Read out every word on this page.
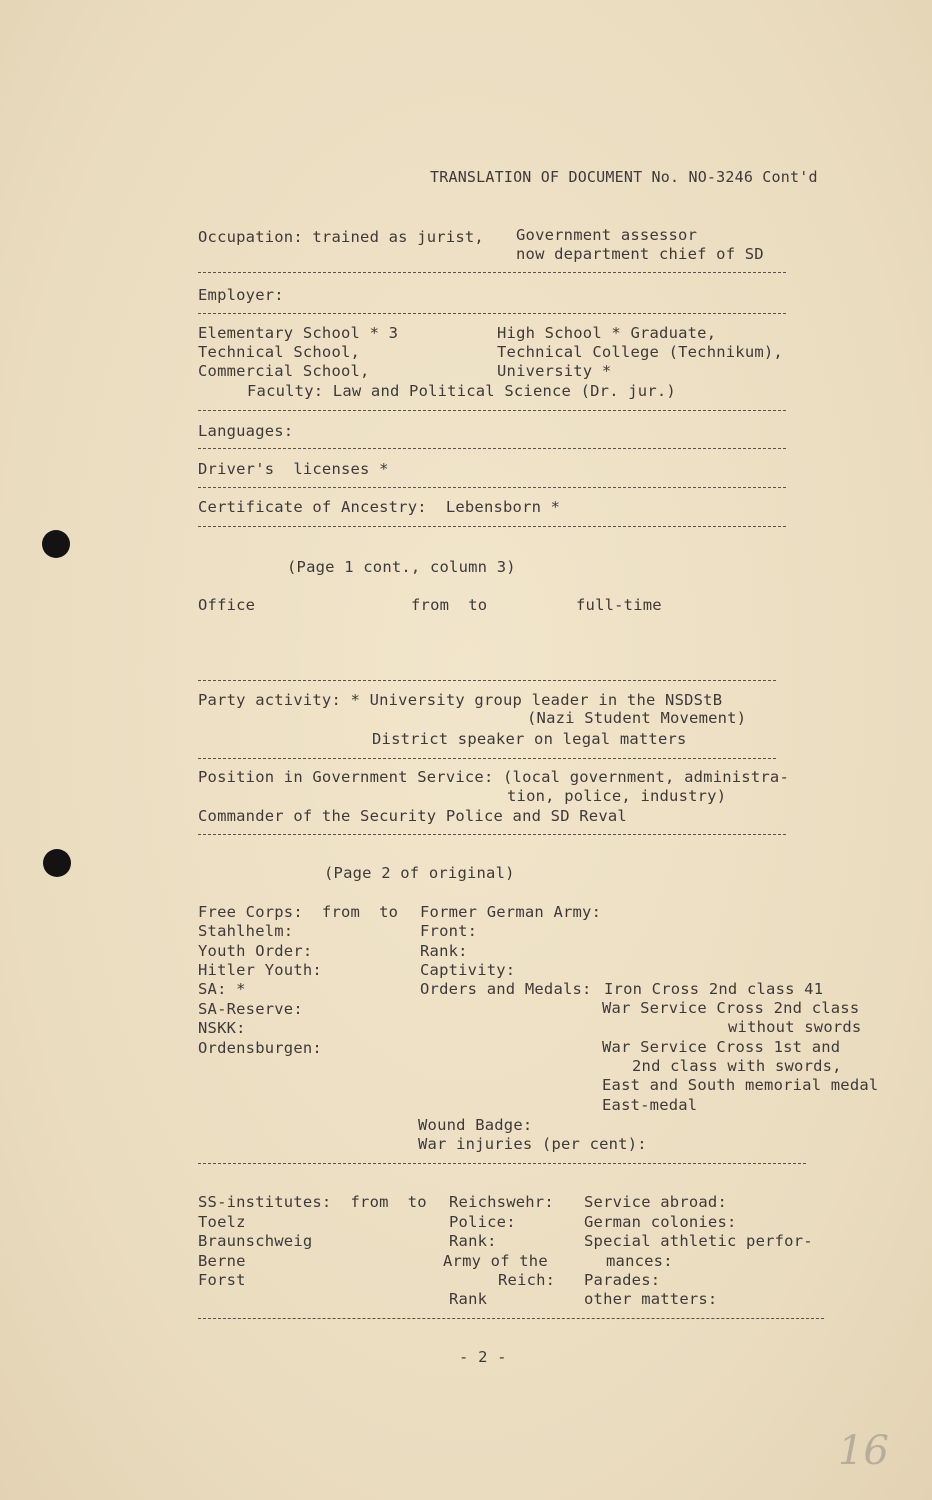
TRANSLATION OF DOCUMENT No. NO-3246 Cont'd
Occupation: trained as jurist, Government assessor
now department chief of SD
Employer:
Elementary School * 3
Technical School,
Commercial School,
High School * Graduate,
Technical College (Technikum),
University *
Faculty: Law and Political Science (Dr. jur.)
Languages:
Driver's  licenses *
Certificate of Ancestry:  Lebensborn *
(Page 1 cont., column 3)
Office	from  to	full-time
Party activity: * University group leader in the NSDStB
(Nazi Student Movement)
District speaker on legal matters
Position in Government Service: (local government, administra-
tion, police, industry)
Commander of the Security Police and SD Reval
(Page 2 of original)
Free Corps:  from  to
Stahlhelm:
Youth Order:
Hitler Youth:
SA: *
SA-Reserve:
NSKK:
Ordensburgen:
Former German Army:
Front:
Rank:
Captivity:
Orders and Medals: Iron Cross 2nd class 41
War Service Cross 2nd class
without swords
War Service Cross 1st and
2nd class with swords,
East and South memorial medal
East-medal
Wound Badge:
War injuries (per cent):
SS-institutes:  from  to
Toelz
Braunschweig
Berne
Forst
Reichswehr:
Police:
Rank:
Army of the
Reich:
Rank
Service abroad:
German colonies:
Special athletic perfor-
mances:
Parades:
other matters:
- 2 -
16
